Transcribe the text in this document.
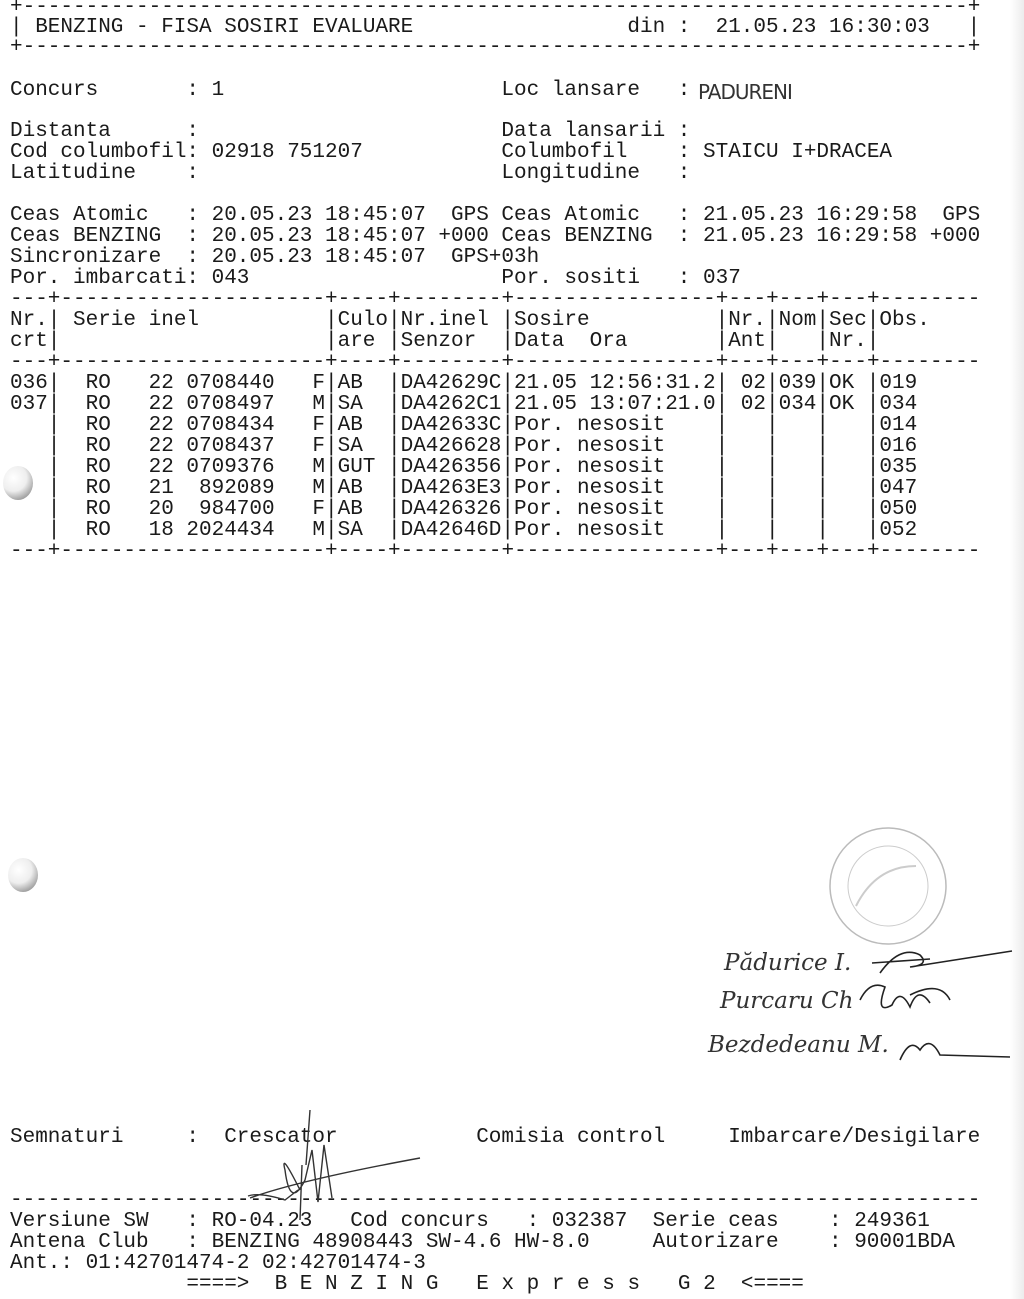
+---------------------------------------------------------------------------+
| BENZING - FISA SOSIRI EVALUARE	din : 21.05.23 16:30:03 |
+---------------------------------------------------------------------------+
Concurs	: 1	Loc lansare :
Distanta	:	Data lansarii :
Cod columbofil : 02918 751207	Columbofil : STAICU I+DRACEA
Latitudine :	Longitudine :
Ceas Atomic : 20.05.23 18:45:07 GPS Ceas Atomic : 21.05.23 16:29:58 GPS
Ceas BENZING : 20.05.23 18:45:07 +000 Ceas BENZING : 21.05.23 16:29:58 +000
Sincronizare : 20.05.23 18:45:07 GPS+03h
Por. imbarcati : 043	Por. sositi : 037
---+---------------------+----+--------+----------------+---+---+---+--------
|	| |	|	| | | |
Nr. Serie inel	Culo Nr.inel Sosire	Nr. Nom Sec Obs.
|	| |	|	| | | |
crt	are Senzor Data  Ora	Ant	Nr.
---+---------------------+----+--------+----------------+---+---+---+--------
|	| |	|	| | | |
036 RO 22 0708440 F AB DA42629C 21.05 12:56:31.2 02 039 OK 019
|	| |	|	| | | |
037 RO 22 0708497 M SA DA4262C1 21.05 13:07:21.0 02 034 OK 034
|	| |	|	| | | |
RO 22 0708434 F AB DA42633C Por. nesosit	014
|	| |	|	| | | |
RO 22 0708437 F SA DA426628 Por. nesosit	016
|	| |	|	| | | |
RO 22 0709376 M GUT DA426356 Por. nesosit	035
|	| |	|	| | | |
RO 21 892089 M AB DA4263E3 Por. nesosit	047
|	| |	|	| | | |
RO 20 984700 F AB DA426326 Por. nesosit	050
|	| |	|	| | | |
RO 18 2024434 M SA DA42646D Por. nesosit	052
---+---------------------+----+--------+----------------+---+---+---+--------
Semnaturi	: Crescator	Comisia control	Imbarcare/Desigilare
-----------------------------------------------------------------------------
Versiune SW : RO-04.23 Cod concurs : 032387 Serie ceas : 249361
Antena Club : BENZING 48908443 SW-4.6 HW-8.0	Autorizare : 90001BDA
Ant.: 01:42701474-2 02:42701474-3
====>  B E N Z I N G   E x p r e s s   G 2  <====
PADURENI
Pădurice I.
Purcaru Ch
Bezdedeanu M.
